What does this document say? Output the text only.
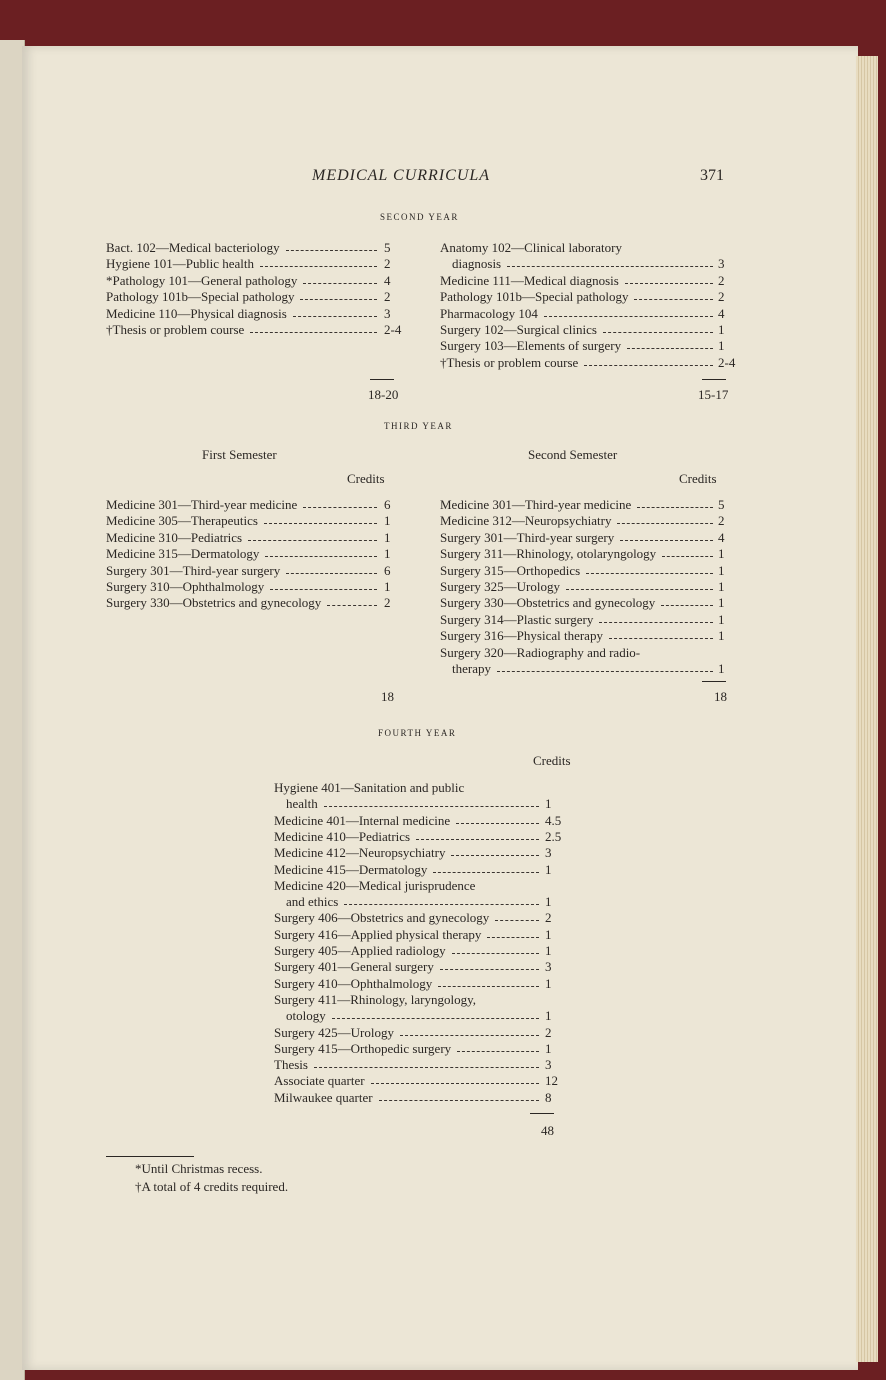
MEDICAL CURRICULA	371
SECOND YEAR
Bact. 102—Medical bacteriology	5
Hygiene 101—Public health	2
*Pathology 101—General pathology	4
Pathology 101b—Special pathology	2
Medicine 110—Physical diagnosis	3
†Thesis or problem course	2-4
Anatomy 102—Clinical laboratory
diagnosis	3
Medicine 111—Medical diagnosis	2
Pathology 101b—Special pathology	2
Pharmacology 104	4
Surgery 102—Surgical clinics	1
Surgery 103—Elements of surgery	1
†Thesis or problem course	2-4
18-20	15-17
THIRD YEAR
First Semester	Second Semester
Credits	Credits
Medicine 301—Third-year medicine	6
Medicine 305—Therapeutics	1
Medicine 310—Pediatrics	1
Medicine 315—Dermatology	1
Surgery 301—Third-year surgery	6
Surgery 310—Ophthalmology	1
Surgery 330—Obstetrics and gynecology	2
Medicine 301—Third-year medicine	5
Medicine 312—Neuropsychiatry	2
Surgery 301—Third-year surgery	4
Surgery 311—Rhinology, otolaryngology	1
Surgery 315—Orthopedics	1
Surgery 325—Urology	1
Surgery 330—Obstetrics and gynecology	1
Surgery 314—Plastic surgery	1
Surgery 316—Physical therapy	1
Surgery 320—Radiography and radio-
therapy	1
18	18
FOURTH YEAR
Credits
Hygiene 401—Sanitation and public
health	1
Medicine 401—Internal medicine	4.5
Medicine 410—Pediatrics	2.5
Medicine 412—Neuropsychiatry	3
Medicine 415—Dermatology	1
Medicine 420—Medical jurisprudence
and ethics	1
Surgery 406—Obstetrics and gynecology	2
Surgery 416—Applied physical therapy	1
Surgery 405—Applied radiology	1
Surgery 401—General surgery	3
Surgery 410—Ophthalmology	1
Surgery 411—Rhinology, laryngology,
otology	1
Surgery 425—Urology	2
Surgery 415—Orthopedic surgery	1
Thesis	3
Associate quarter	12
Milwaukee quarter	8
48
*Until Christmas recess.
†A total of 4 credits required.
